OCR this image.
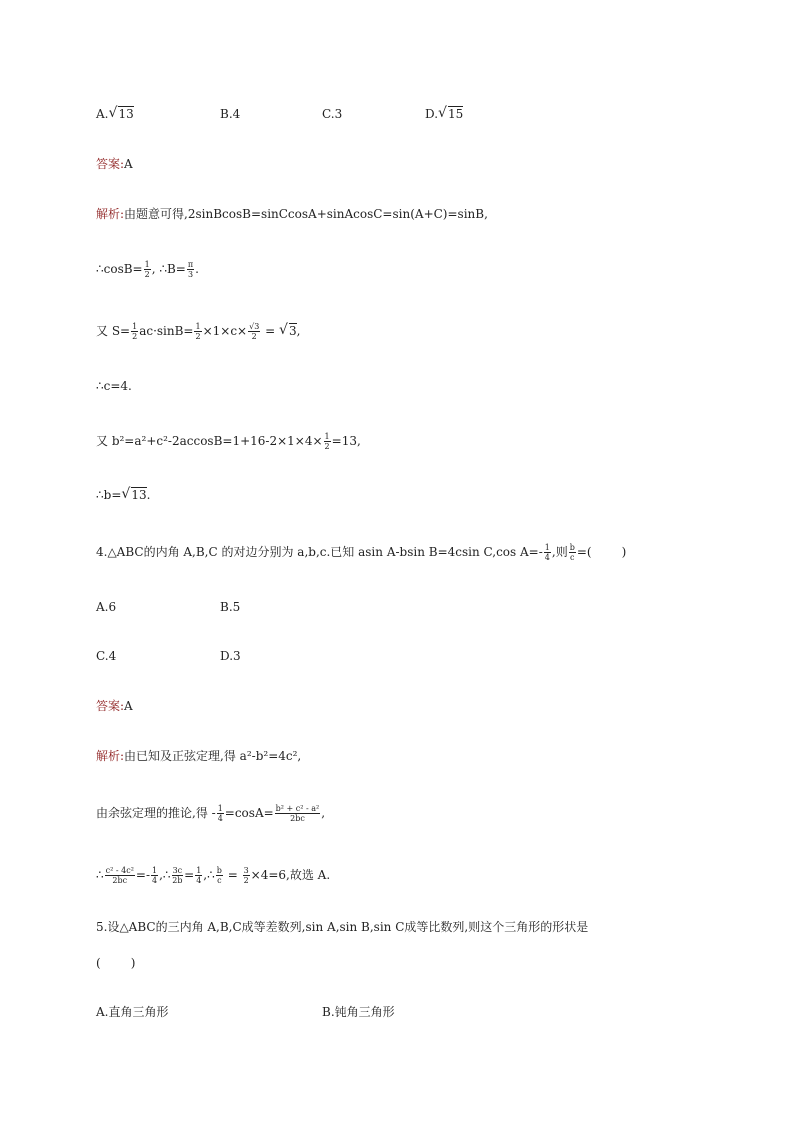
A. √ 13	B.4	C.3	D. √ 15
答案:A
解析:由题意可得,2sinBcosB=sinCcosA+sinAcosC=sin(A+C)=sinB,
∴cosB= $\frac{1}{2}$ , ∴B= $\frac{\pi}{3}$ .
又 $S= \frac{1}{2} ac\cdot\sin B= \frac{1}{2} \times 1\times c\times \frac{√3}{2}$ = √ 3,
∴c=4.
又 $b^2=a^2+c^2-2accosB=1+16-2\times 1\times 4\times \frac{1}{2} =13$,
∴b= √ 13.
4.△ABC的内角 A,B,C 的对边分别为 a,b,c.已知 asin A-bsin B=4csin C,cos $A=- \frac{1}{4}$ ,则 $\frac{b}{c}$ =(	)
A.6	B.5
C.4	D.3
答案:A
解析:由已知及正弦定理,得 a²-b²=4c²,
由余弦定理的推论,得 - $\frac{1}{4} =\cos A= \frac{\text{b² + c² - a²}}{2bc}$ ,
∴ $\frac{\text{c² - 4c²}}{2bc} =- \frac{1}{4}$ ,∴ $\frac{3c}{2b} = \frac{1}{4}$ ,∴ $\frac{b}{c} = \frac{3}{2} \times 4=6$,故选 A.
5.设△ABC的三内角 A,B,C成等差数列,sin A,sin B,sin C成等比数列,则这个三角形的形状是
(	)
A.直角三角形	B.钝角三角形
